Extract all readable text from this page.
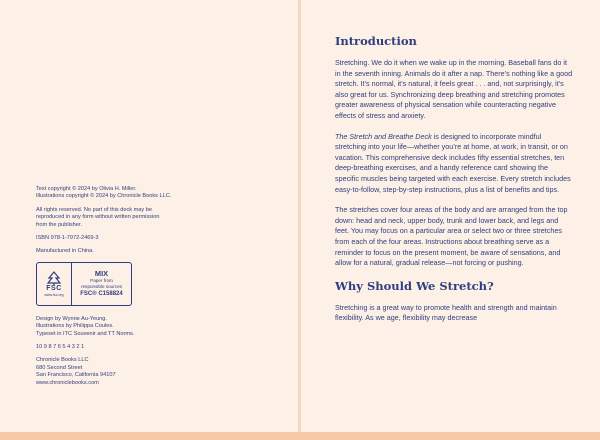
Text copyright © 2024 by Olivia H. Miller.
Illustrations copyright © 2024 by Chronicle Books LLC.

All rights reserved. No part of this deck may be
reproduced in any form without written permission
from the publisher.

ISBN 978-1-7972-2469-3

Manufactured in China.

FSC
www.fsc.org
MIX
Paper from
responsible sources
FSC® C158824

Design by Wynne Au-Yeung.
Illustrations by Philippa Coules.
Typeset in ITC Souvenir and TT Norms.

10 9 8 7 6 5 4 3 2 1

Chronicle Books LLC
680 Second Street
San Francisco, California 94107
www.chroniclebooks.com

Introduction

Stretching. We do it when we wake up in the morning. Baseball fans do it in the seventh inning. Animals do it after a nap. There’s nothing like a good stretch. It’s normal, it’s natural, it feels great . . . and, not surprisingly, it’s also great for us. Synchronizing deep breathing and stretching promotes greater awareness of physical sensation while counteracting negative effects of stress and anxiety.

The Stretch and Breathe Deck is designed to incorporate mindful stretching into your life—whether you’re at home, at work, in transit, or on vacation. This comprehensive deck includes fifty essential stretches, ten deep-breathing exercises, and a handy reference card showing the specific muscles being targeted with each exercise. Every stretch includes easy-to-follow, step-by-step instructions, plus a list of benefits and tips.

The stretches cover four areas of the body and are arranged from the top down: head and neck, upper body, trunk and lower back, and legs and feet. You may focus on a particular area or select two or three stretches from each of the four areas. Instructions about breathing serve as a reminder to focus on the present moment, be aware of sensations, and allow for a natural, gradual release—not forcing or pushing.

Why Should We Stretch?

Stretching is a great way to promote health and strength and maintain flexibility. As we age, flexibility may decrease
